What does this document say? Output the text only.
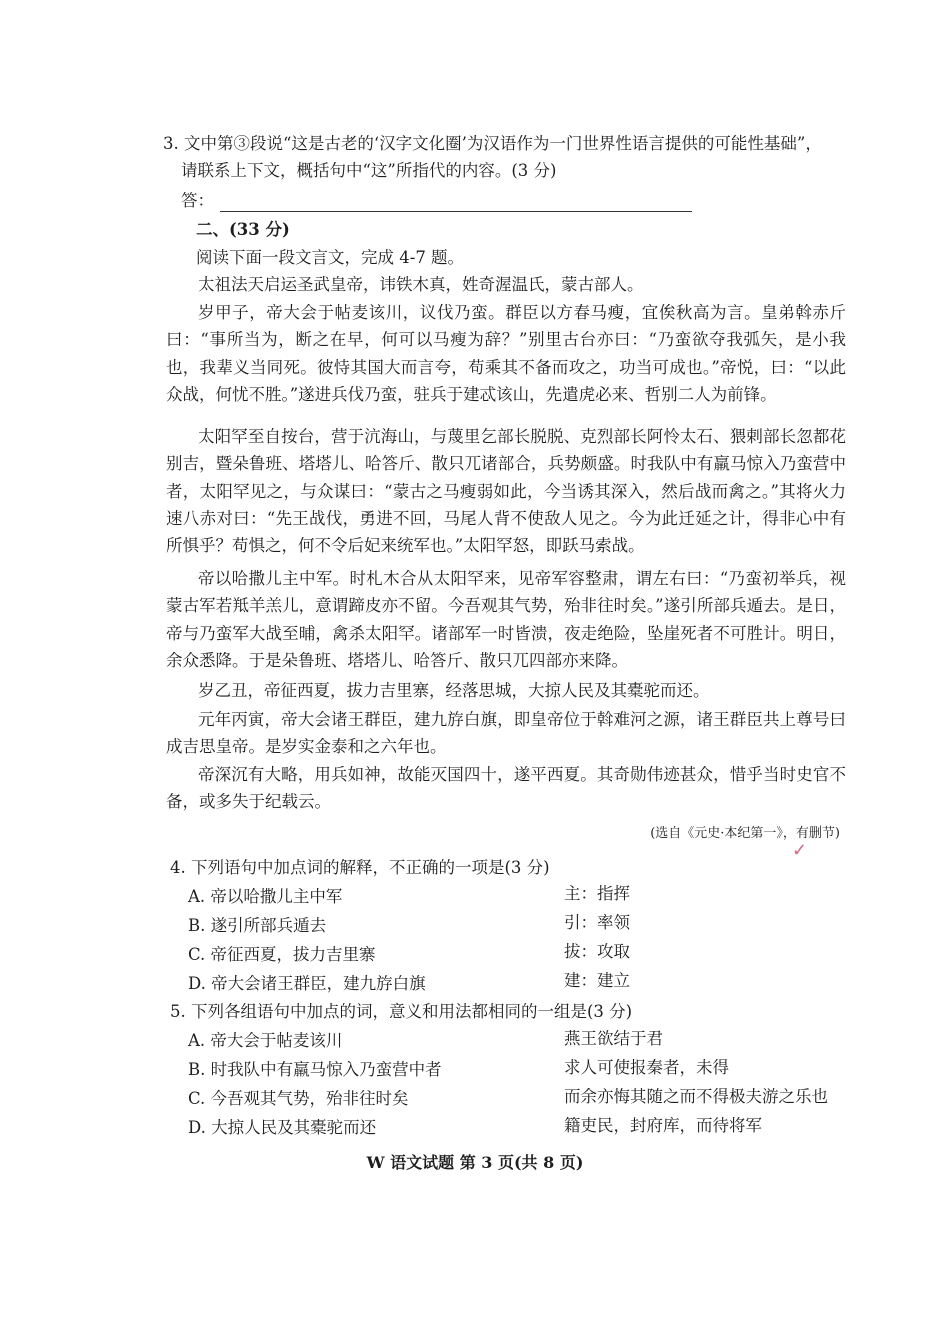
3. 文中第③段说“这是古老的‘汉字文化圈’为汉语作为一门世界性语言提供的可能性基础”，
请联系上下文，概括句中“这”所指代的内容。(3 分)
答：
二、(33 分)
阅读下面一段文言文，完成 4-7 题。
太祖法天启运圣武皇帝，讳铁木真，姓奇渥温氏，蒙古部人。
岁甲子，帝大会于帖麦该川，议伐乃蛮。群臣以方春马瘦，宜俟秋高为言。皇弟斡赤斤曰：“事所当为，断之在早，何可以马瘦为辞？”别里古台亦曰：“乃蛮欲夺我弧矢，是小我也，我辈义当同死。彼恃其国大而言夸，苟乘其不备而攻之，功当可成也。”帝悦，曰：“以此众战，何忧不胜。”遂进兵伐乃蛮，驻兵于建忒该山，先遣虎必来、哲别二人为前锋。
太阳罕至自按台，营于沆海山，与蔑里乞部长脱脱、克烈部长阿怜太石、猥剌部长忽都花别吉，暨朵鲁班、塔塔儿、哈答斤、散只兀诸部合，兵势颇盛。时我队中有羸马惊入乃蛮营中者，太阳罕见之，与众谋曰：“蒙古之马瘦弱如此，今当诱其深入，然后战而禽之。”其将火力速八赤对曰：“先王战伐，勇进不回，马尾人背不使敌人见之。今为此迁延之计，得非心中有所惧乎？苟惧之，何不令后妃来统军也。”太阳罕怒，即跃马索战。
帝以哈撒儿主中军。时札木合从太阳罕来，见帝军容整肃，谓左右曰：“乃蛮初举兵，视蒙古军若羝羊羔儿，意谓蹄皮亦不留。今吾观其气势，殆非往时矣。”遂引所部兵遁去。是日，帝与乃蛮军大战至晡，禽杀太阳罕。诸部军一时皆溃，夜走绝险，坠崖死者不可胜计。明日，余众悉降。于是朵鲁班、塔塔儿、哈答斤、散只兀四部亦来降。
岁乙丑，帝征西夏，拔力吉里寨，经落思城，大掠人民及其橐驼而还。
元年丙寅，帝大会诸王群臣，建九斿白旗，即皇帝位于斡难河之源，诸王群臣共上尊号曰成吉思皇帝。是岁实金泰和之六年也。
帝深沉有大略，用兵如神，故能灭国四十，遂平西夏。其奇勋伟迹甚众，惜乎当时史官不备，或多失于纪载云。
(选自《元史·本纪第一》，有删节)
✓
4. 下列语句中加点词的解释，不正确的一项是(3 分)
A. 帝以哈撒儿主中军	主：指挥
B. 遂引所部兵遁去	引：率领
C. 帝征西夏，拔力吉里寨	拔：攻取
D. 帝大会诸王群臣，建九斿白旗	建：建立
5. 下列各组语句中加点的词，意义和用法都相同的一组是(3 分)
A. 帝大会于帖麦该川	燕王欲结于君
B. 时我队中有羸马惊入乃蛮营中者	求人可使报秦者，未得
C. 今吾观其气势，殆非往时矣	而余亦悔其随之而不得极夫游之乐也
D. 大掠人民及其橐驼而还	籍吏民，封府库，而待将军
W 语文试题 第 3 页(共 8 页)
